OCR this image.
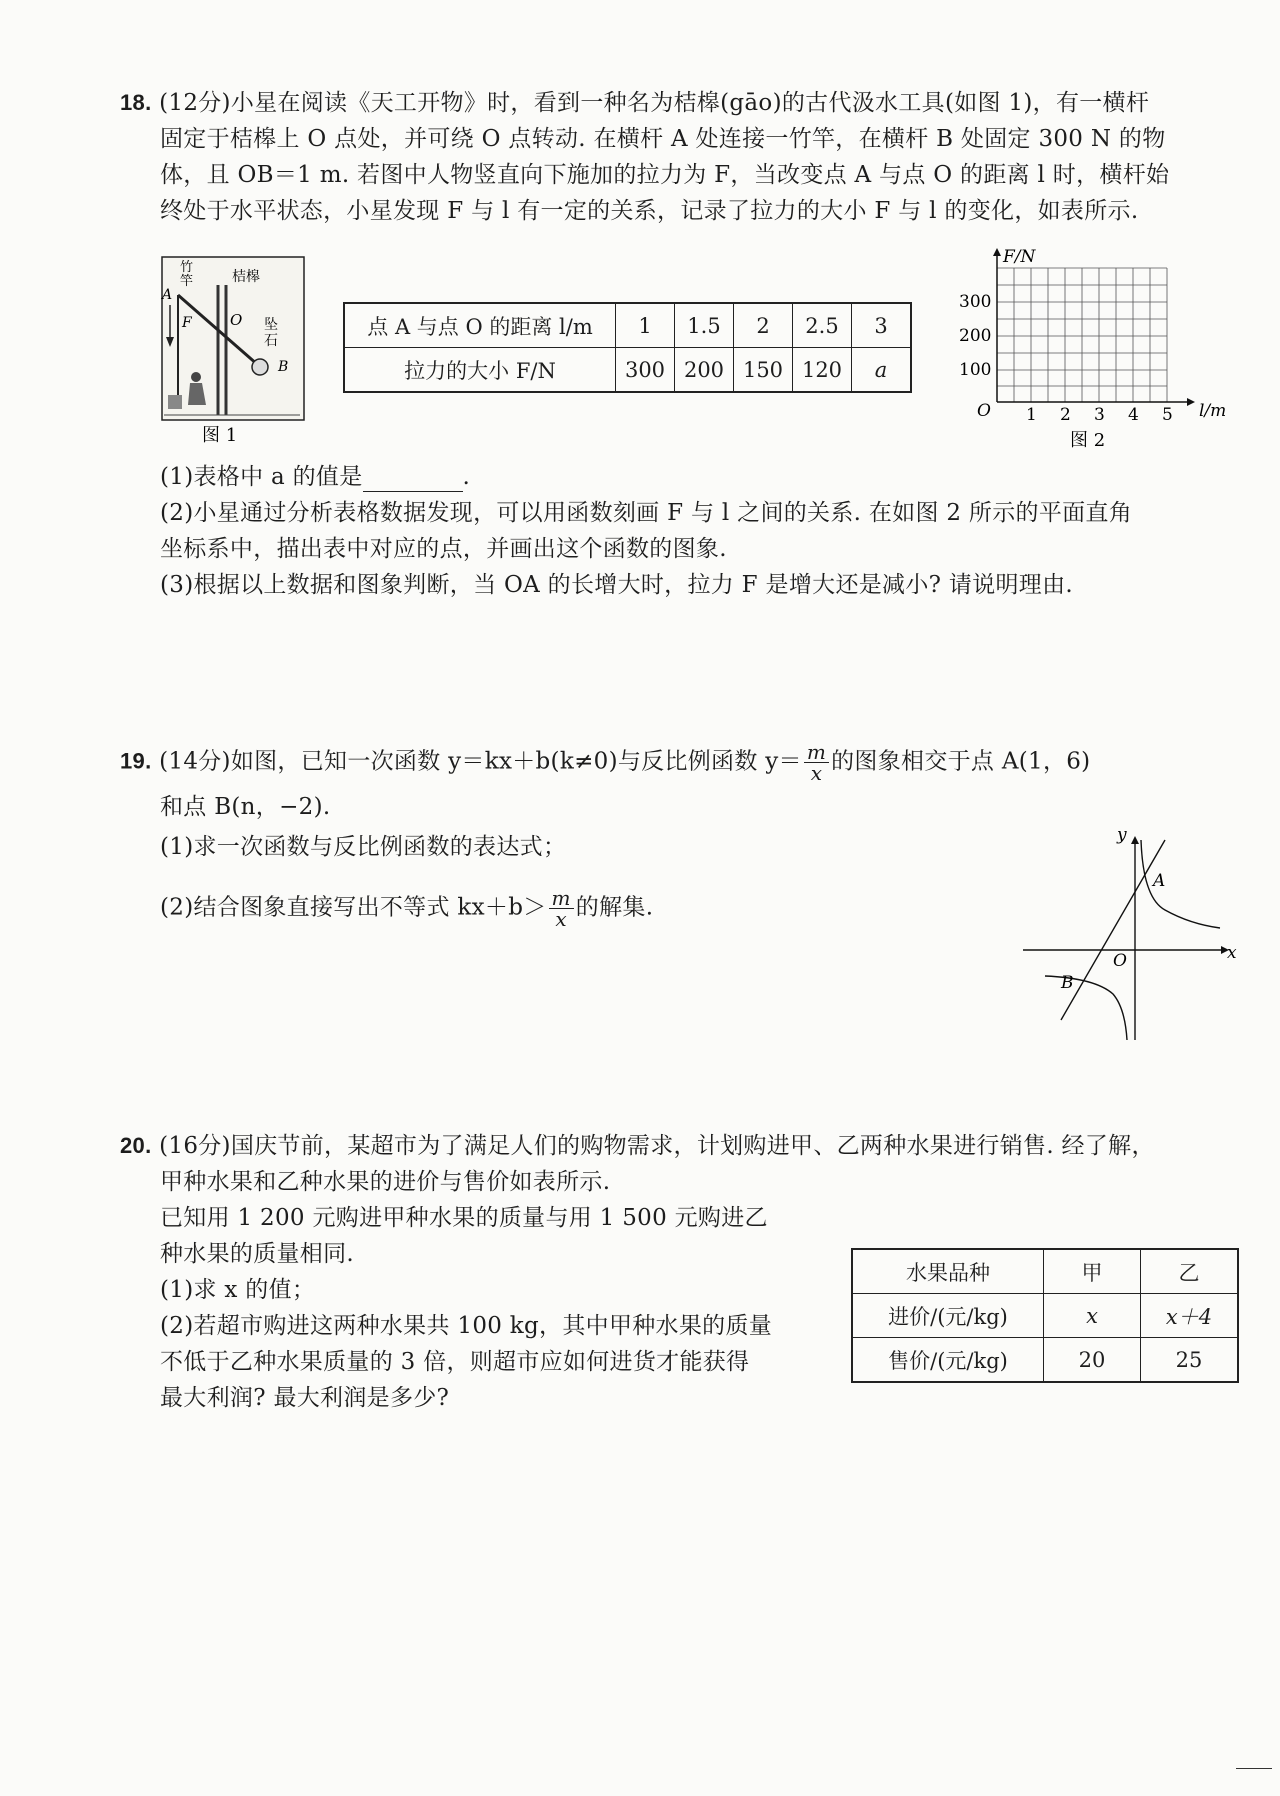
18. (12分)小星在阅读《天工开物》时，看到一种名为桔槔(gāo)的古代汲水工具(如图 1)，有一横杆
固定于桔槔上 O 点处，并可绕 O 点转动. 在横杆 A 处连接一竹竿，在横杆 B 处固定 300 N 的物
体，且 OB＝1 m. 若图中人物竖直向下施加的拉力为 F，当改变点 A 与点 O 的距离 l 时，横杆始
终处于水平状态，小星发现 F 与 l 有一定的关系，记录了拉力的大小 F 与 l 的变化，如表所示.
竹
竿	桔槔
A
F	O 坠
石
B
图 1
点 A 与点 O 的距离 l/m	1	1.5	2	2.5	3
拉力的大小 F/N	300	200	150	120	a
F/N
l/m
O
100
200
300
1 2 3 4 5
图 2
(1)表格中 a 的值是	.
(2)小星通过分析表格数据发现，可以用函数刻画 F 与 l 之间的关系. 在如图 2 所示的平面直角
坐标系中，描出表中对应的点，并画出这个函数的图象.
(3)根据以上数据和图象判断，当 OA 的长增大时，拉力 F 是增大还是减小? 请说明理由.
19. (14分)如图，已知一次函数 y＝kx＋b(k≠0)与反比例函数 $y= \frac{m}{x}$ 的图象相交于点 A(1，6)
和点 B(n，−2).
(1)求一次函数与反比例函数的表达式；
(2)结合图象直接写出不等式 $kx+b> \frac{m}{x}$ 的解集.
y
x
O
A
B
20. (16分)国庆节前，某超市为了满足人们的购物需求，计划购进甲、乙两种水果进行销售. 经了解，
甲种水果和乙种水果的进价与售价如表所示.
已知用 1 200 元购进甲种水果的质量与用 1 500 元购进乙
种水果的质量相同.
(1)求 x 的值；
(2)若超市购进这两种水果共 100 kg，其中甲种水果的质量
不低于乙种水果质量的 3 倍，则超市应如何进货才能获得
最大利润? 最大利润是多少?
水果品种	甲	乙
进价/(元/kg)	x	x＋4
售价/(元/kg)	20	25
